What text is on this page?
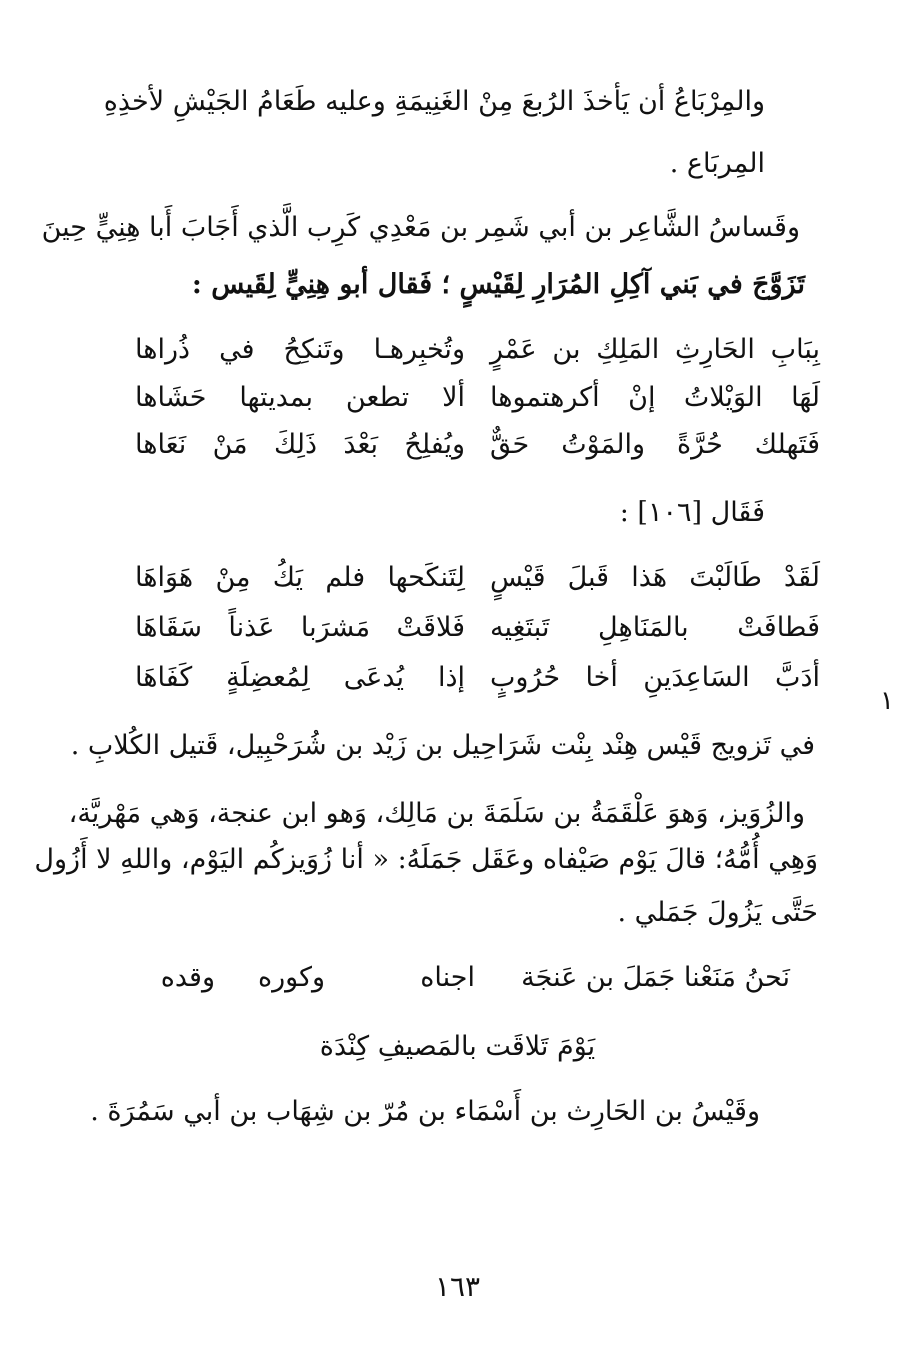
والمِرْبَاعُ أن يَأخذَ الرُبعَ مِنْ الغَنِيمَةِ وعليه طَعَامُ الجَيْشِ لأخذِهِ
المِربَاع .
وقَساسُ الشَّاعِر بن أبي شَمِر بن مَعْدِي كَرِب الَّذي أَجَابَ أَبا هِنِيٍّ حِينَ
تَزَوَّجَ في بَني آكِلِ المُرَارِ لِقَيْسٍ ؛ فَقال أبو هِنِيٍّ لِقَيس :
بِبَابِ الحَارِثِ المَلِكِ بن عَمْرٍ
وتُخبِرهـا وتَنكِحُ في ذُراها
لَهَا الوَيْلاتُ إنْ أكرهتموها
ألا تطعن بمديتها حَشَاها
فَتَهلك حُرَّةً والمَوْتُ حَقٌّ
ويُفلِحُ بَعْدَ ذَلِكَ مَنْ نَعَاها
فَقَال [١٠٦] :
لَقَدْ طَالَبْتَ هَذا قَبلَ قَيْسٍ
لِتَنكَحها فلم يَكُ مِنْ هَوَاهَا
فَطافَتْ بالمَنَاهِلِ تَبتَغِيه
فَلاقَتْ مَشرَبا عَذناً سَقَاهَا
أدَبَّ السَاعِدَينِ أخا حُرُوبٍ
إذا يُدعَى لِمُعضِلَةٍ كَفَاهَا
١
في تَزويج قَيْس هِنْد بِنْت شَرَاحِيل بن زَيْد بن شُرَحْبِيل، قَتيل الكُلابِ .
والزُوَيز، وَهوَ عَلْقَمَةُ بن سَلَمَةَ بن مَالِك، وَهو ابن عنجة، وَهي مَهْريَّة،
وَهِي أُمُّهُ؛ قالَ يَوْم صَيْفاه وعَقَل جَمَلَهُ: « أنا زُوَيزكُم اليَوْم، واللهِ لا أَزُول
حَتَّى يَزُولَ جَمَلي .
نَحنُ مَنَعْنا جَمَلَ بن عَنجَة
اجناه
وكوره
وقده
يَوْمَ تَلاقَت بالمَصيفِ كِنْدَة
وقَيْسُ بن الحَارِث بن أَسْمَاء بن مُرّ بن شِهَاب بن أبي سَمُرَةَ .
١٦٣
